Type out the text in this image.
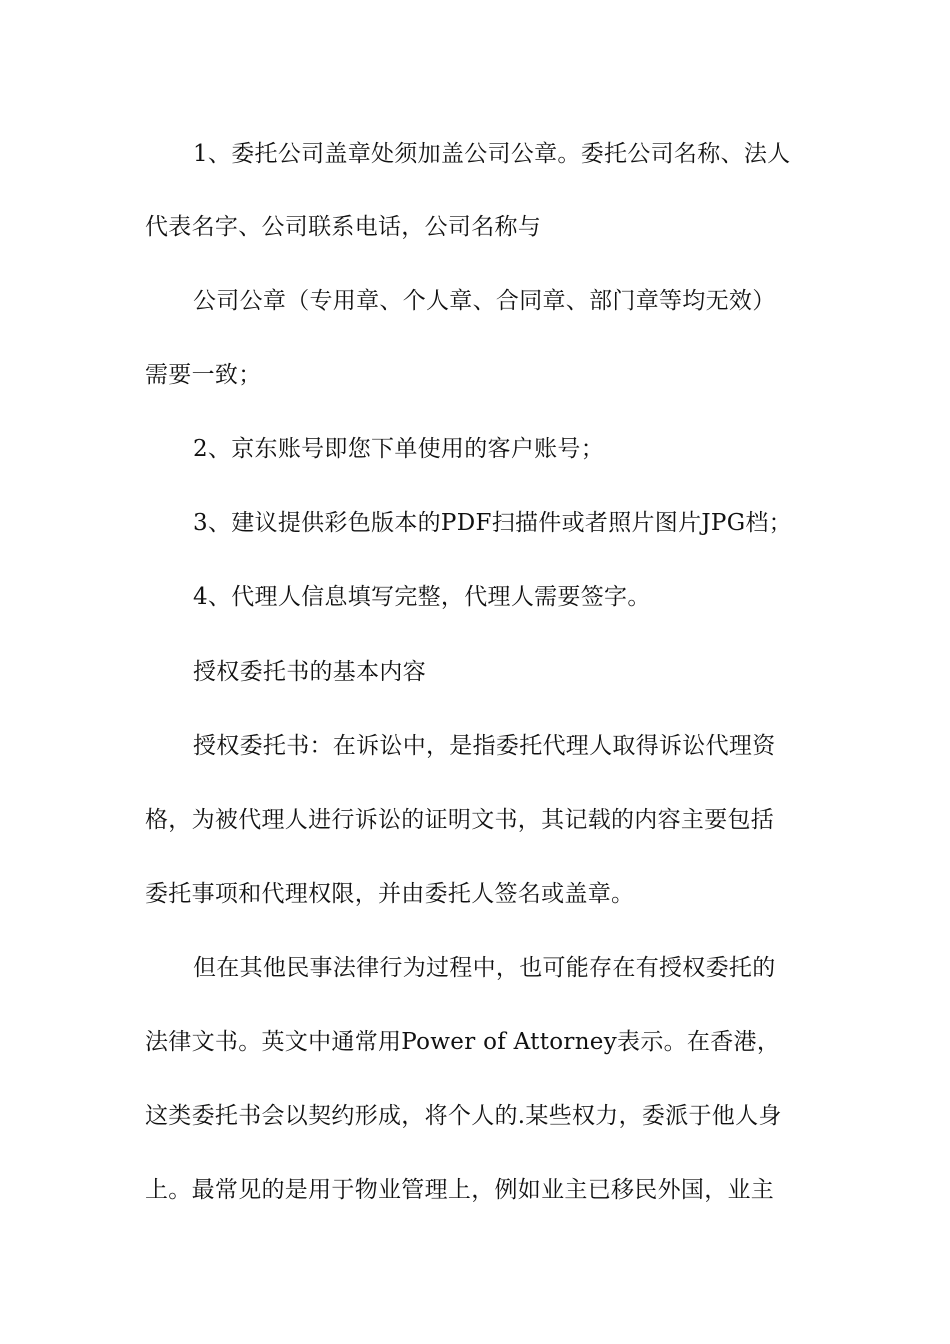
1、委托公司盖章处须加盖公司公章。委托公司名称、法人
代表名字、公司联系电话，公司名称与
公司公章（专用章、个人章、合同章、部门章等均无效）
需要一致；
2、京东账号即您下单使用的客户账号；
3、建议提供彩色版本的PDF扫描件或者照片图片JPG档；
4、代理人信息填写完整，代理人需要签字。
授权委托书的基本内容
授权委托书：在诉讼中，是指委托代理人取得诉讼代理资
格，为被代理人进行诉讼的证明文书，其记载的内容主要包括
委托事项和代理权限，并由委托人签名或盖章。
但在其他民事法律行为过程中，也可能存在有授权委托的
法律文书。英文中通常用Power of Attorney表示。在香港，
这类委托书会以契约形成，将个人的.某些权力，委派于他人身
上。最常见的是用于物业管理上，例如业主已移民外国，业主
